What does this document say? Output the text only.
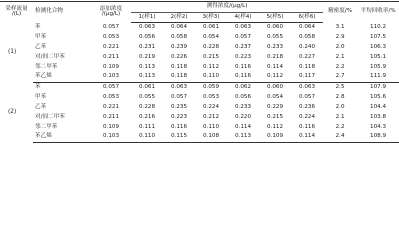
采样流量
/(L)	检测化合物	添加浓度
/(μg/L)	测得浓度/(μg/L)						精密度/%	平均回收率/%
			1(样1)	2(样2)	3(样3)	4(样4)	5(样5)	6(样6)		
(1)	苯	0.057	0.063	0.064	0.061	0.063	0.060	0.064	3.1	110.2
	甲苯	0.053	0.056	0.058	0.054	0.057	0.055	0.058	2.9	107.5
	乙苯	0.221	0.231	0.239	0.228	0.237	0.233	0.240	2.0	106.3
	对/间二甲苯	0.211	0.219	0.226	0.215	0.223	0.218	0.227	2.1	105.1
	邻二甲苯	0.109	0.113	0.118	0.112	0.116	0.114	0.118	2.2	105.9
	苯乙烯	0.103	0.113	0.118	0.110	0.116	0.112	0.117	2.7	111.9
(2)	苯	0.057	0.061	0.063	0.059	0.062	0.060	0.063	2.5	107.9
	甲苯	0.053	0.055	0.057	0.053	0.056	0.054	0.057	2.8	105.6
	乙苯	0.221	0.228	0.235	0.224	0.233	0.229	0.236	2.0	104.4
	对/间二甲苯	0.211	0.216	0.223	0.212	0.220	0.215	0.224	2.1	103.8
	邻二甲苯	0.109	0.111	0.116	0.110	0.114	0.112	0.116	2.2	104.3
	苯乙烯	0.103	0.110	0.115	0.108	0.113	0.109	0.114	2.4	108.9
